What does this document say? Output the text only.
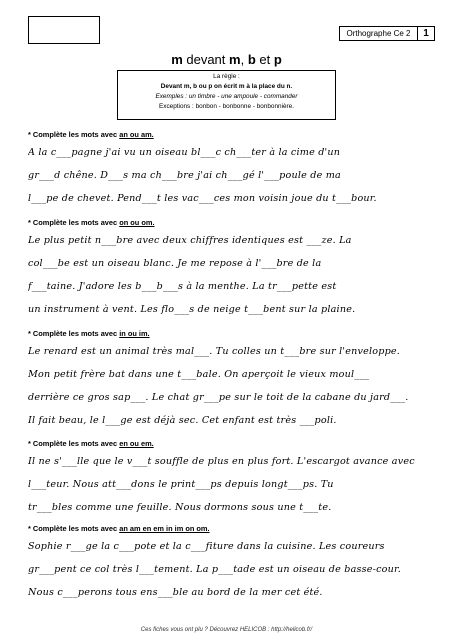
Orthographe Ce 2	1
m devant m, b et p
La règle :
Devant m, b ou p on écrit m à la place du n.
Exemples : un timbre - une ampoule - commander
Exceptions : bonbon - bonbonne - bonbonnière.
* Complète les mots avec an ou am.
A la c___pagne j'ai vu un oiseau bl___c ch___ter à la cime d'un
gr___d chêne. D___s ma ch___bre j'ai ch___gé l'___poule de ma
l___pe de chevet. Pend___t les vac___ces mon voisin joue du t___bour.
* Complète les mots avec on ou om.
Le plus petit n___bre avec deux chiffres identiques est ___ze. La
col___be est un oiseau blanc. Je me repose à l'___bre de la
f___taine. J'adore les b___b___s à la menthe. La tr___pette est
un instrument à vent. Les flo___s de neige t___bent sur la plaine.
* Complète les mots avec in ou im.
Le renard est un animal très mal___. Tu colles un t___bre sur l'enveloppe.
Mon petit frère bat dans une t___bale. On aperçoit le vieux moul___
derrière ce gros sap___. Le chat gr___pe sur le toit de la cabane du jard___.
Il fait beau, le l___ge est déjà sec. Cet enfant est très ___poli.
* Complète les mots avec en ou em.
Il ne s'___lle que le v___t souffle de plus en plus fort. L'escargot avance avec
l___teur. Nous att___dons le print___ps depuis longt___ps. Tu
tr___bles comme une feuille. Nous dormons sous une t___te.
* Complète les mots avec an am en em in im on om.
Sophie r___ge la c___pote et la c___fiture dans la cuisine. Les coureurs
gr___pent ce col très l___tement. La p___tade est un oiseau de basse-cour.
Nous c___perons tous ens___ble au bord de la mer cet été.
Ces fiches vous ont plu ? Découvrez HELICOB : http://helicob.fr/
